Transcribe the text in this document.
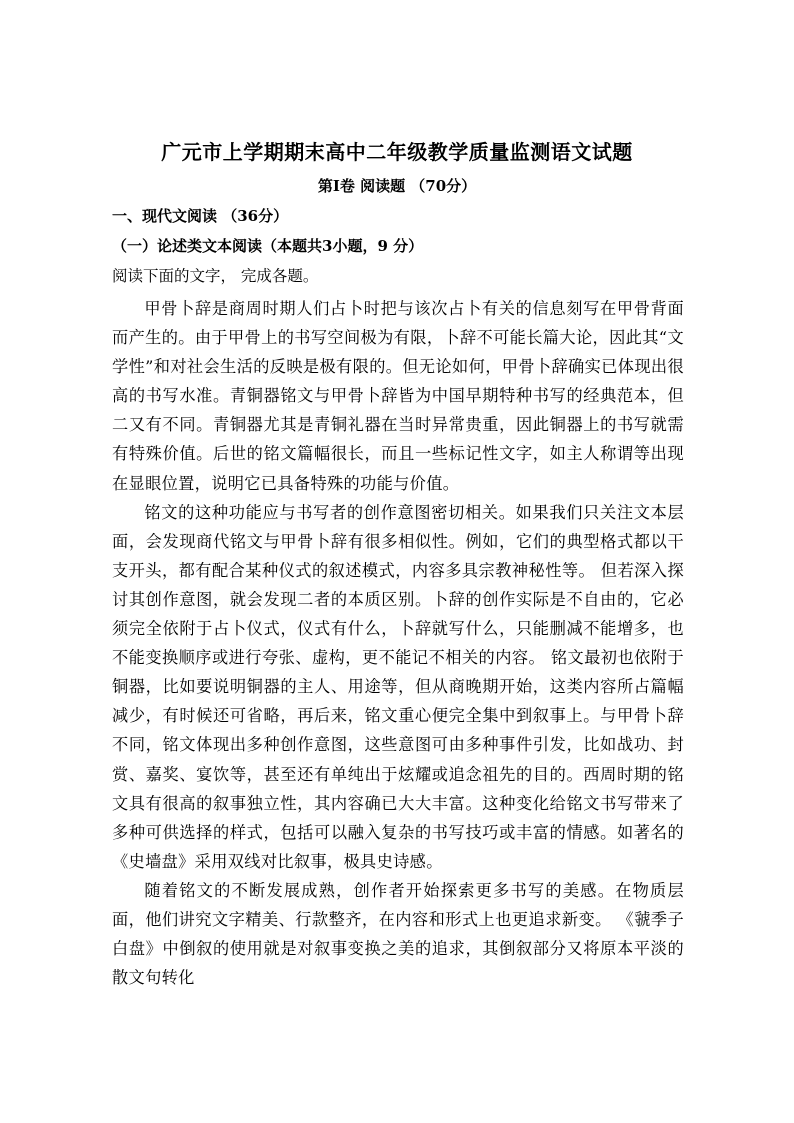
广元市上学期期末高中二年级教学质量监测语文试题
第Ⅰ卷 阅读题 （70分）
一、现代文阅读 （36分）
（一）论述类文本阅读（本题共3小题，9 分）
阅读下面的文字， 完成各题。

甲骨卜辞是商周时期人们占卜时把与该次占卜有关的信息刻写在甲骨背面而产生的。由于甲骨上的书写空间极为有限，卜辞不可能长篇大论，因此其“文学性”和对社会生活的反映是极有限的。但无论如何，甲骨卜辞确实已体现出很高的书写水准。青铜器铭文与甲骨卜辞皆为中国早期特种书写的经典范本，但二又有不同。青铜器尤其是青铜礼器在当时异常贵重，因此铜器上的书写就需有特殊价值。后世的铭文篇幅很长，而且一些标记性文字，如主人称谓等出现在显眼位置，说明它已具备特殊的功能与价值。

铭文的这种功能应与书写者的创作意图密切相关。如果我们只关注文本层面，会发现商代铭文与甲骨卜辞有很多相似性。例如，它们的典型格式都以干支开头，都有配合某种仪式的叙述模式，内容多具宗教神秘性等。 但若深入探讨其创作意图，就会发现二者的本质区别。卜辞的创作实际是不自由的，它必须完全依附于占卜仪式，仪式有什么，卜辞就写什么，只能删减不能增多，也不能变换顺序或进行夸张、虚构，更不能记不相关的内容。 铭文最初也依附于铜器，比如要说明铜器的主人、用途等，但从商晚期开始，这类内容所占篇幅减少，有时候还可省略，再后来，铭文重心便完全集中到叙事上。与甲骨卜辞不同，铭文体现出多种创作意图，这些意图可由多种事件引发，比如战功、封赏、嘉奖、宴饮等，甚至还有单纯出于炫耀或追念祖先的目的。西周时期的铭文具有很高的叙事独立性，其内容确已大大丰富。这种变化给铭文书写带来了多种可供选择的样式，包括可以融入复杂的书写技巧或丰富的情感。如著名的《史墙盘》采用双线对比叙事，极具史诗感。

随着铭文的不断发展成熟，创作者开始探索更多书写的美感。在物质层面，他们讲究文字精美、行款整齐，在内容和形式上也更追求新变。 《虢季子白盘》中倒叙的使用就是对叙事变换之美的追求，其倒叙部分又将原本平淡的散文句转化
